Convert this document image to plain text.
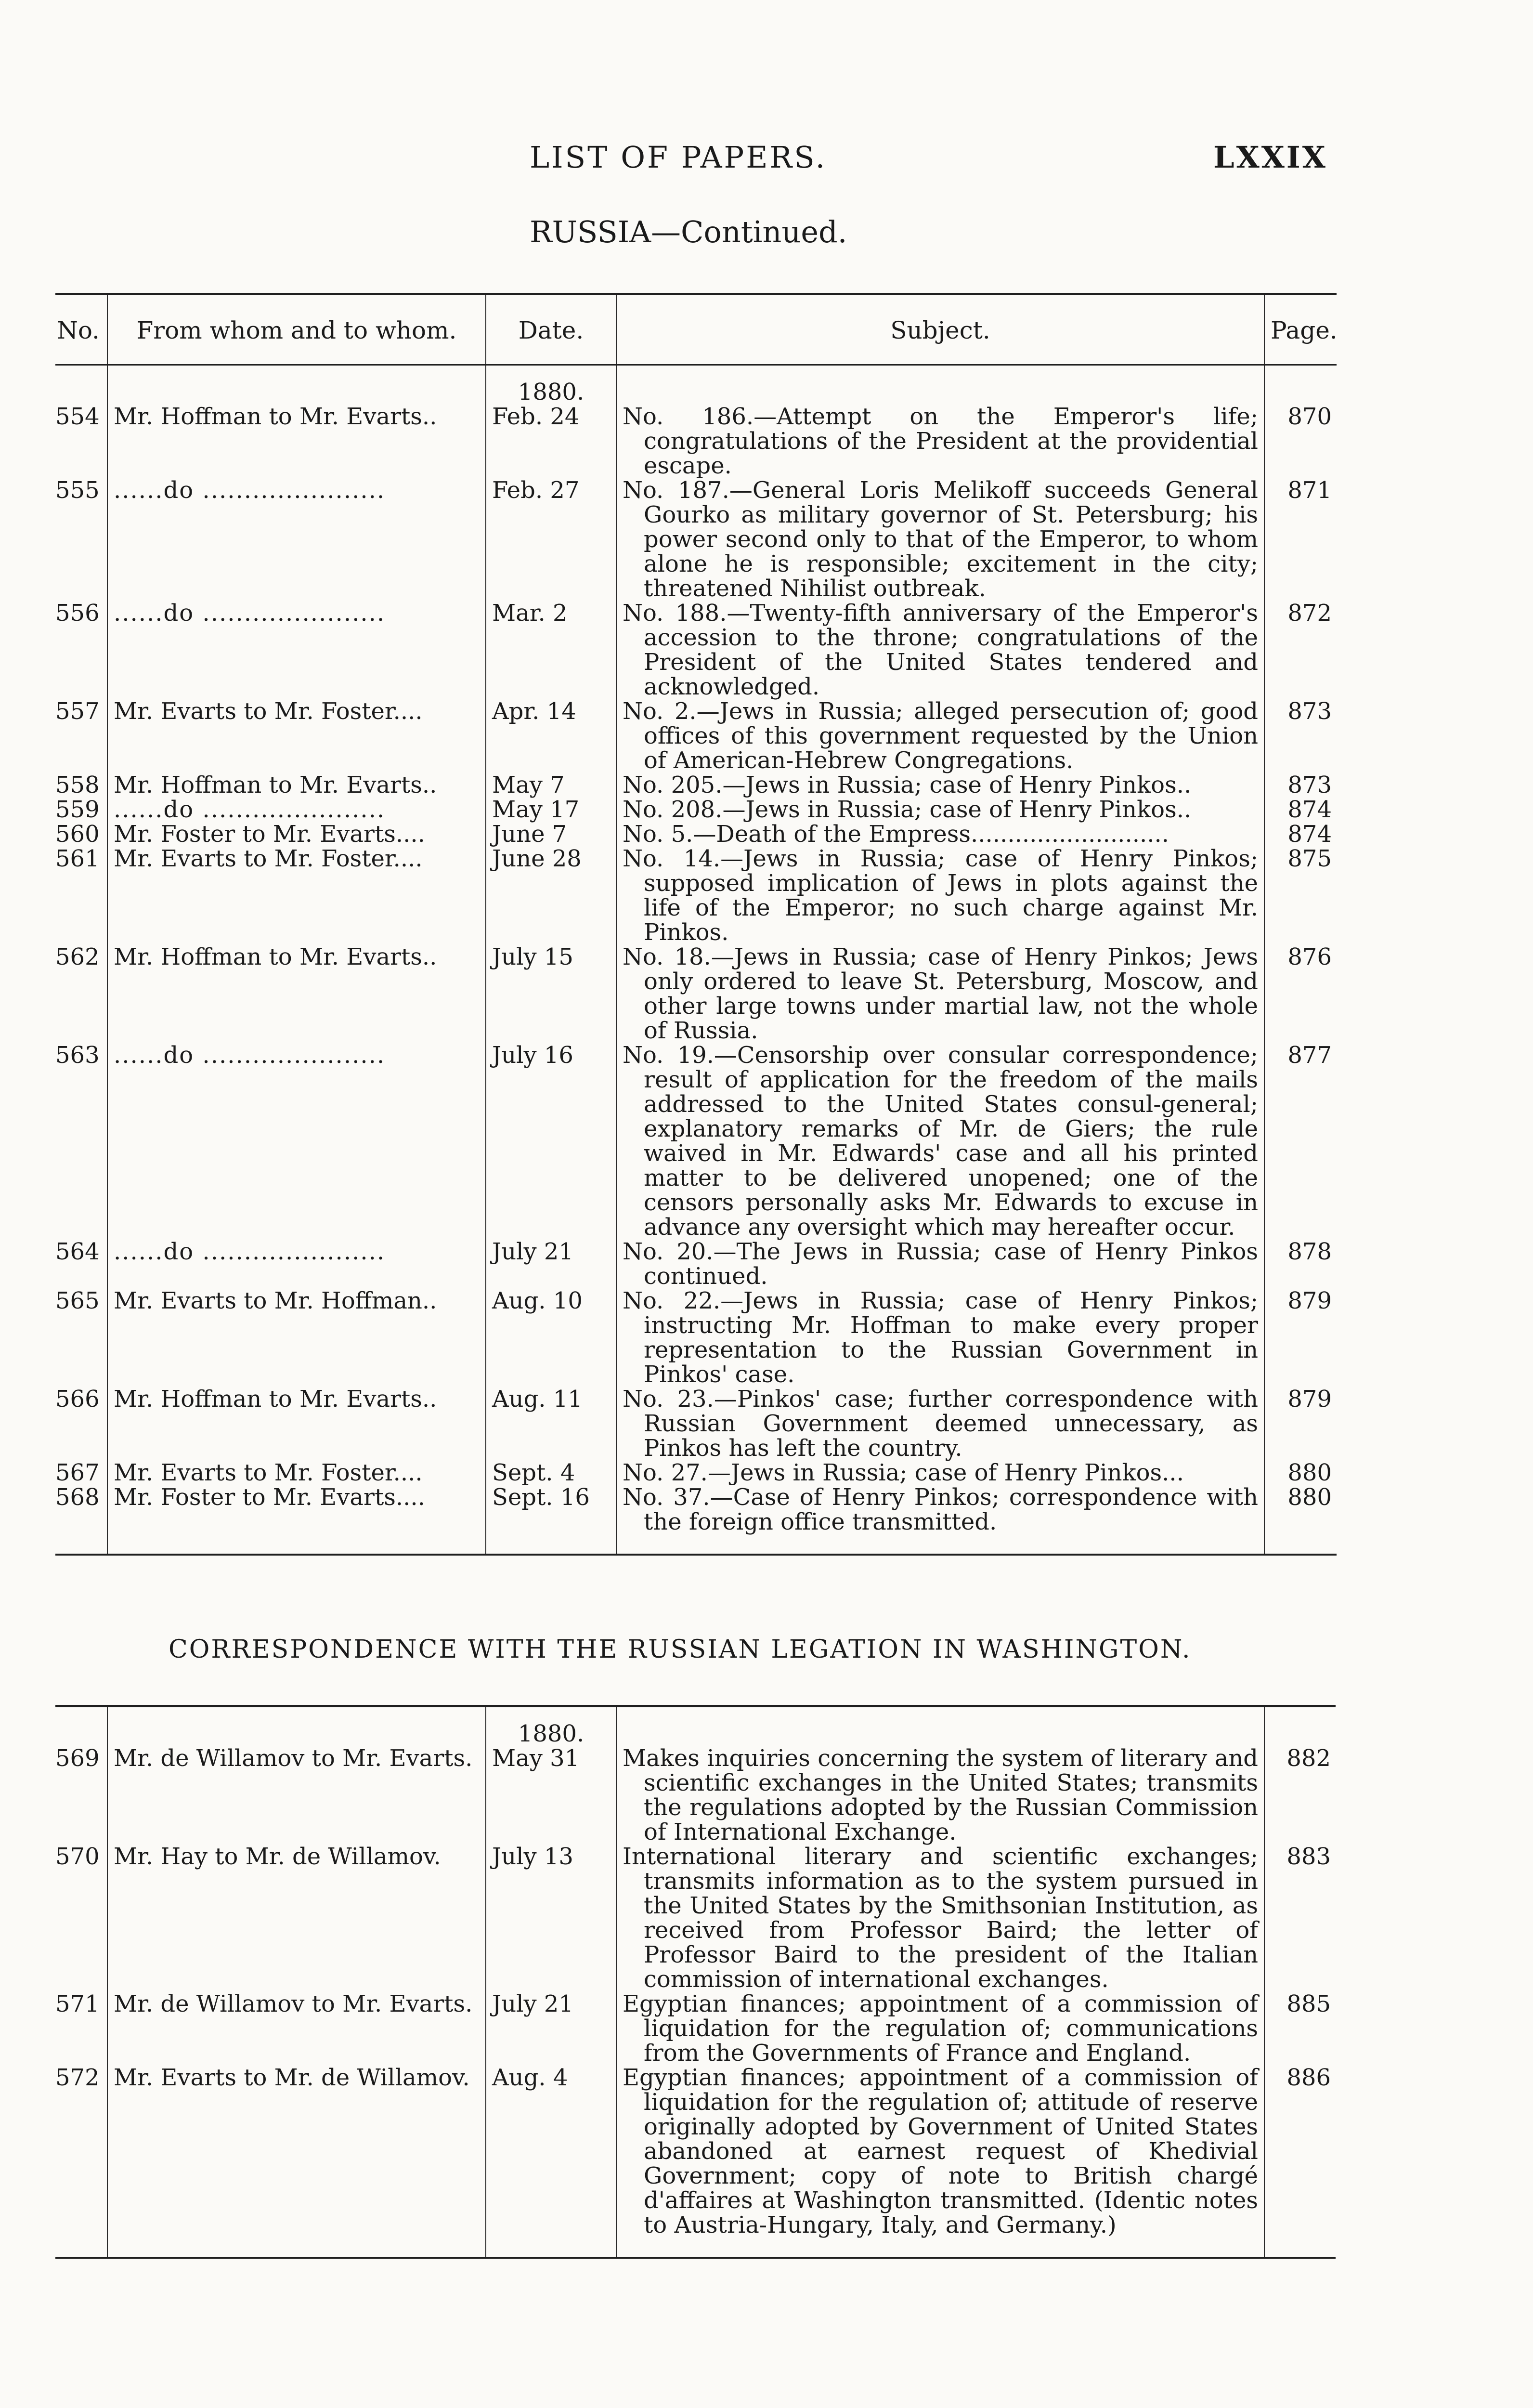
LIST OF PAPERS.	LXXIX
RUSSIA—Continued.
No.	From whom and to whom.	Date.	Subject.	Page.
		1880.		
554	Mr. Hoffman to Mr. Evarts..	Feb. 24	No. 186.—Attempt on the Emperor's life; congratulations of the President at the providential escape.	870
555	......do ......................	Feb. 27	No. 187.—General Loris Melikoff succeeds General Gourko as military governor of St. Petersburg; his power second only to that of the Emperor, to whom alone he is responsible; excitement in the city; threatened Nihilist outbreak.	871
556	......do ......................	Mar. 2	No. 188.—Twenty-fifth anniversary of the Emperor's accession to the throne; congratulations of the President of the United States tendered and acknowledged.	872
557	Mr. Evarts to Mr. Foster....	Apr. 14	No. 2.—Jews in Russia; alleged persecution of; good offices of this government requested by the Union of American-Hebrew Congregations.	873
558	Mr. Hoffman to Mr. Evarts..	May 7	No. 205.—Jews in Russia; case of Henry Pinkos..	873
559	......do ......................	May 17	No. 208.—Jews in Russia; case of Henry Pinkos..	874
560	Mr. Foster to Mr. Evarts....	June 7	No. 5.—Death of the Empress...........................	874
561	Mr. Evarts to Mr. Foster....	June 28	No. 14.—Jews in Russia; case of Henry Pinkos; supposed implication of Jews in plots against the life of the Emperor; no such charge against Mr. Pinkos.	875
562	Mr. Hoffman to Mr. Evarts..	July 15	No. 18.—Jews in Russia; case of Henry Pinkos; Jews only ordered to leave St. Petersburg, Moscow, and other large towns under martial law, not the whole of Russia.	876
563	......do ......................	July 16	No. 19.—Censorship over consular correspondence; result of application for the freedom of the mails addressed to the United States consul-general; explanatory remarks of Mr. de Giers; the rule waived in Mr. Edwards' case and all his printed matter to be delivered unopened; one of the censors personally asks Mr. Edwards to excuse in advance any oversight which may hereafter occur.	877
564	......do ......................	July 21	No. 20.—The Jews in Russia; case of Henry Pinkos continued.	878
565	Mr. Evarts to Mr. Hoffman..	Aug. 10	No. 22.—Jews in Russia; case of Henry Pinkos; instructing Mr. Hoffman to make every proper representation to the Russian Government in Pinkos' case.	879
566	Mr. Hoffman to Mr. Evarts..	Aug. 11	No. 23.—Pinkos' case; further correspondence with Russian Government deemed unnecessary, as Pinkos has left the country.	879
567	Mr. Evarts to Mr. Foster....	Sept. 4	No. 27.—Jews in Russia; case of Henry Pinkos...	880
568	Mr. Foster to Mr. Evarts....	Sept. 16	No. 37.—Case of Henry Pinkos; correspondence with the foreign office transmitted.	880

CORRESPONDENCE WITH THE RUSSIAN LEGATION IN WASHINGTON.
		1880.		
569	Mr. de Willamov to Mr. Evarts.	May 31	Makes inquiries concerning the system of literary and scientific exchanges in the United States; transmits the regulations adopted by the Russian Commission of International Exchange.	882
570	Mr. Hay to Mr. de Willamov.	July 13	International literary and scientific exchanges; transmits information as to the system pursued in the United States by the Smithsonian Institution, as received from Professor Baird; the letter of Professor Baird to the president of the Italian commission of international exchanges.	883
571	Mr. de Willamov to Mr. Evarts.	July 21	Egyptian finances; appointment of a commission of liquidation for the regulation of; communications from the Governments of France and England.	885
572	Mr. Evarts to Mr. de Willamov.	Aug. 4	Egyptian finances; appointment of a commission of liquidation for the regulation of; attitude of reserve originally adopted by Government of United States abandoned at earnest request of Khedivial Government; copy of note to British chargé d'affaires at Washington transmitted. (Identic notes to Austria-Hungary, Italy, and Germany.)	886
